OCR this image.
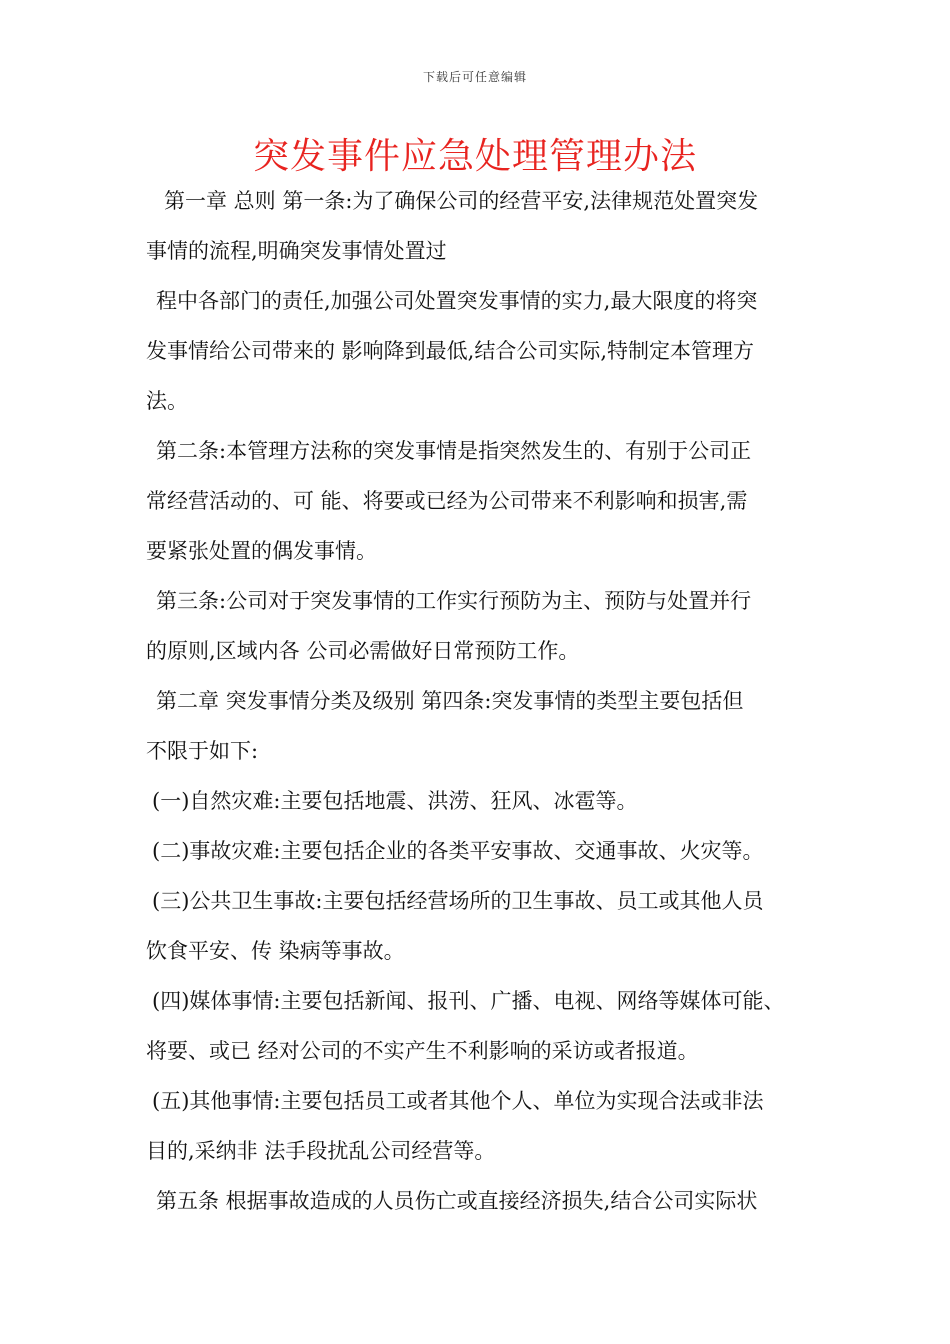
下载后可任意编辑
突发事件应急处理管理办法
第一章 总则 第一条:为了确保公司的经营平安,法律规范处置突发
事情的流程,明确突发事情处置过
程中各部门的责任,加强公司处置突发事情的实力,最大限度的将突
发事情给公司带来的 影响降到最低,结合公司实际,特制定本管理方
法。
第二条:本管理方法称的突发事情是指突然发生的、有别于公司正
常经营活动的、可 能、将要或已经为公司带来不利影响和损害,需
要紧张处置的偶发事情。
第三条:公司对于突发事情的工作实行预防为主、预防与处置并行
的原则,区域内各 公司必需做好日常预防工作。
第二章 突发事情分类及级别 第四条:突发事情的类型主要包括但
不限于如下:
(一)自然灾难:主要包括地震、洪涝、狂风、冰雹等。
(二)事故灾难:主要包括企业的各类平安事故、交通事故、火灾等。
(三)公共卫生事故:主要包括经营场所的卫生事故、员工或其他人员
饮食平安、传 染病等事故。
(四)媒体事情:主要包括新闻、报刊、广播、电视、网络等媒体可能、
将要、或已 经对公司的不实产生不利影响的采访或者报道。
(五)其他事情:主要包括员工或者其他个人、单位为实现合法或非法
目的,采纳非 法手段扰乱公司经营等。
第五条 根据事故造成的人员伤亡或直接经济损失,结合公司实际状
